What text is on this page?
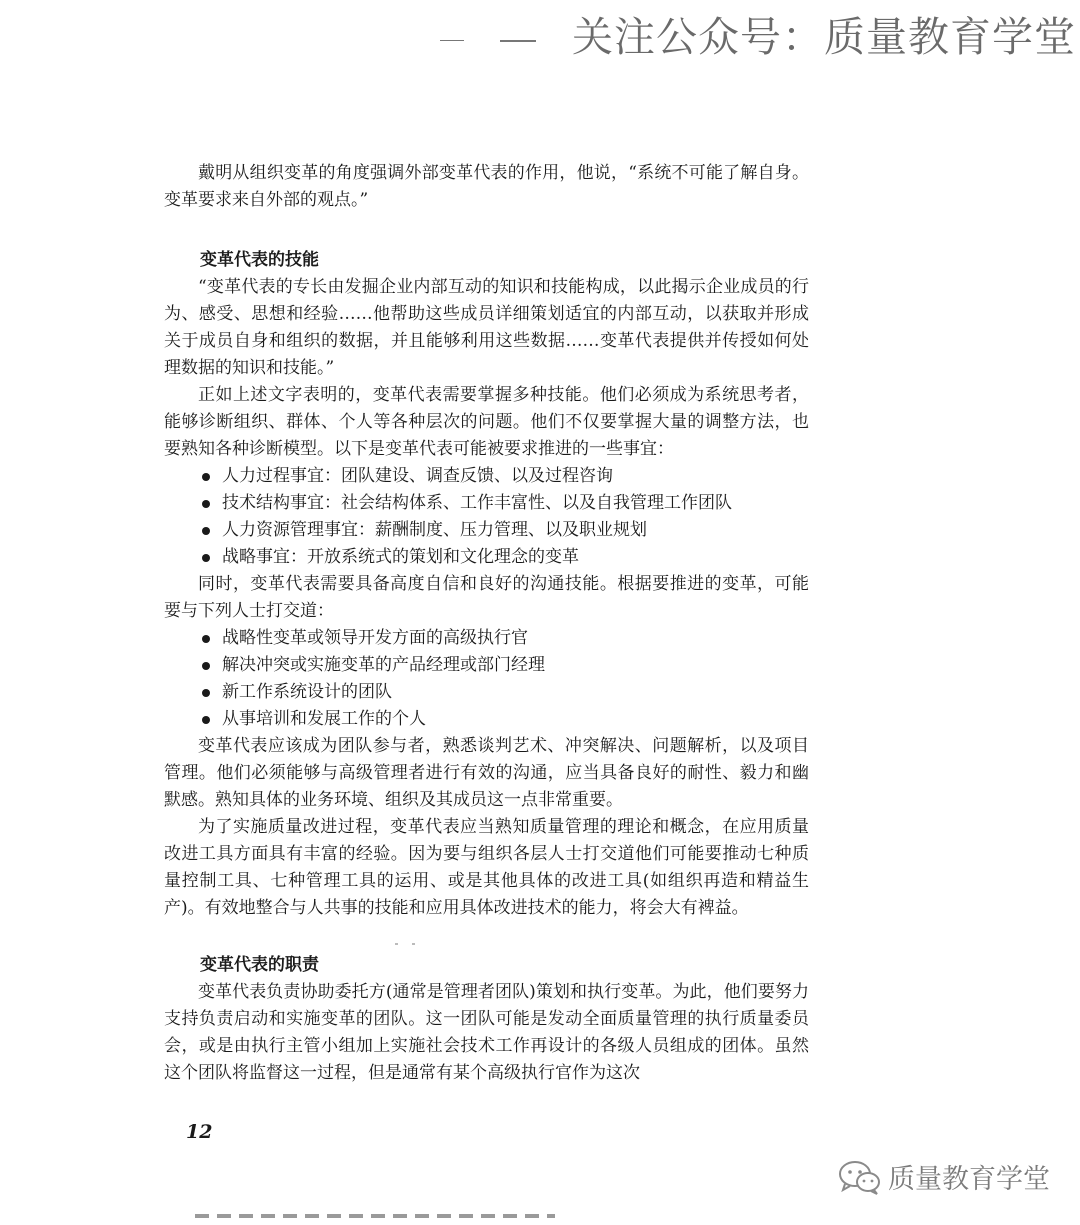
关注公众号：质量教育学堂

戴明从组织变革的角度强调外部变革代表的作用，他说，“系统不可能了解自身。变革要求来自外部的观点。”

变革代表的技能

“变革代表的专长由发掘企业内部互动的知识和技能构成，以此揭示企业成员的行为、感受、思想和经验……他帮助这些成员详细策划适宜的内部互动，以获取并形成关于成员自身和组织的数据，并且能够利用这些数据……变革代表提供并传授如何处理数据的知识和技能。”

正如上述文字表明的，变革代表需要掌握多种技能。他们必须成为系统思考者，能够诊断组织、群体、个人等各种层次的问题。他们不仅要掌握大量的调整方法，也要熟知各种诊断模型。以下是变革代表可能被要求推进的一些事宜：

人力过程事宜：团队建设、调查反馈、以及过程咨询
技术结构事宜：社会结构体系、工作丰富性、以及自我管理工作团队
人力资源管理事宜：薪酬制度、压力管理、以及职业规划
战略事宜：开放系统式的策划和文化理念的变革

同时，变革代表需要具备高度自信和良好的沟通技能。根据要推进的变革，可能要与下列人士打交道：

战略性变革或领导开发方面的高级执行官
解决冲突或实施变革的产品经理或部门经理
新工作系统设计的团队
从事培训和发展工作的个人

变革代表应该成为团队参与者，熟悉谈判艺术、冲突解决、问题解析，以及项目管理。他们必须能够与高级管理者进行有效的沟通，应当具备良好的耐性、毅力和幽默感。熟知具体的业务环境、组织及其成员这一点非常重要。

为了实施质量改进过程，变革代表应当熟知质量管理的理论和概念，在应用质量改进工具方面具有丰富的经验。因为要与组织各层人士打交道他们可能要推动七种质量控制工具、七种管理工具的运用、或是其他具体的改进工具(如组织再造和精益生产)。有效地整合与人共事的技能和应用具体改进技术的能力，将会大有裨益。

变革代表的职责

变革代表负责协助委托方(通常是管理者团队)策划和执行变革。为此，他们要努力支持负责启动和实施变革的团队。这一团队可能是发动全面质量管理的执行质量委员会，或是由执行主管小组加上实施社会技术工作再设计的各级人员组成的团体。虽然这个团队将监督这一过程，但是通常有某个高级执行官作为这次

12
质量教育学堂
